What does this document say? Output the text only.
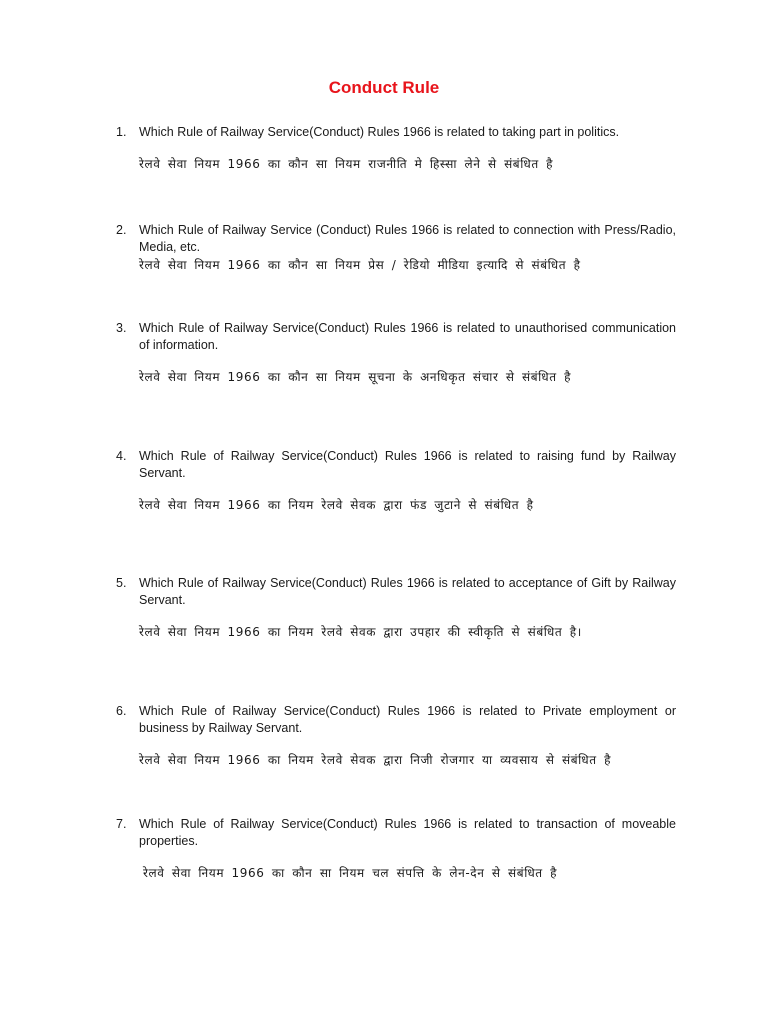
Conduct Rule
1. Which Rule of Railway Service(Conduct) Rules 1966 is related to taking part in politics.
रेलवे सेवा नियम 1966 का कौन सा नियम राजनीति मे हिस्सा लेने से संबंधित है
2. Which Rule of Railway Service (Conduct) Rules 1966 is related to connection with Press/Radio, Media, etc.
रेलवे सेवा नियम 1966 का कौन सा नियम प्रेस / रेडियो मीडिया इत्यादि से संबंधित है
3. Which Rule of Railway Service(Conduct) Rules 1966 is related to unauthorised communication of information.
रेलवे सेवा नियम 1966 का कौन सा नियम सूचना के अनधिकृत संचार से संबंधित है
4. Which Rule of Railway Service(Conduct) Rules 1966 is related to raising fund by Railway Servant.
रेलवे सेवा नियम 1966 का नियम रेलवे सेवक द्वारा फंड जुटाने से संबंधित है
5. Which Rule of Railway Service(Conduct) Rules 1966 is related to acceptance of Gift by Railway Servant.
रेलवे सेवा नियम 1966 का नियम रेलवे सेवक द्वारा उपहार की स्वीकृति से संबंधित है।
6. Which Rule of Railway Service(Conduct) Rules 1966 is related to Private employment or business by Railway Servant.
रेलवे सेवा नियम 1966 का नियम रेलवे सेवक द्वारा निजी रोजगार या व्यवसाय से संबंधित है
7. Which Rule of Railway Service(Conduct) Rules 1966 is related to transaction of moveable properties.
रेलवे सेवा नियम 1966 का कौन सा नियम चल संपत्ति के लेन-देन से संबंधित है
